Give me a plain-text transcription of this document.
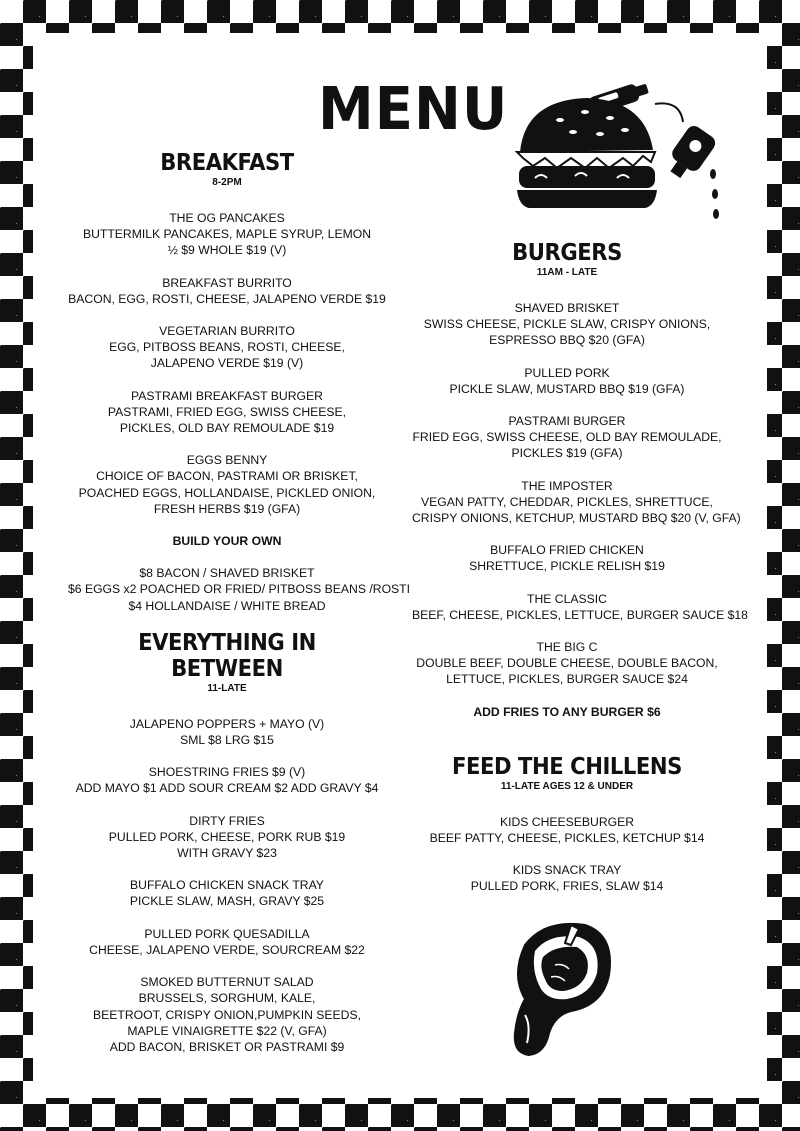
MENU
BREAKFAST
8-2PM
THE OG PANCAKES
BUTTERMILK PANCAKES, MAPLE SYRUP, LEMON
½ $9 WHOLE $19 (V)
BREAKFAST BURRITO
BACON, EGG, ROSTI, CHEESE, JALAPENO VERDE $19
VEGETARIAN BURRITO
EGG, PITBOSS BEANS, ROSTI, CHEESE,
JALAPENO VERDE $19 (V)
PASTRAMI BREAKFAST BURGER
PASTRAMI, FRIED EGG, SWISS CHEESE,
PICKLES, OLD BAY REMOULADE $19
EGGS BENNY
CHOICE OF BACON, PASTRAMI OR BRISKET,
POACHED EGGS, HOLLANDAISE, PICKLED ONION,
FRESH HERBS $19 (GFA)
BUILD YOUR OWN
$8 BACON / SHAVED BRISKET
$6 EGGS x2 POACHED OR FRIED/ PITBOSS BEANS /ROSTI
$4 HOLLANDAISE / WHITE BREAD
EVERYTHING IN BETWEEN
11-LATE
JALAPENO POPPERS + MAYO (V)
SML $8 LRG $15
SHOESTRING FRIES $9 (V)
ADD MAYO $1 ADD SOUR CREAM $2 ADD GRAVY $4
DIRTY FRIES
PULLED PORK, CHEESE, PORK RUB $19
WITH GRAVY $23
BUFFALO CHICKEN SNACK TRAY
PICKLE SLAW, MASH, GRAVY $25
PULLED PORK QUESADILLA
CHEESE, JALAPENO VERDE, SOURCREAM $22
SMOKED BUTTERNUT SALAD
BRUSSELS, SORGHUM, KALE,
BEETROOT, CRISPY ONION,PUMPKIN SEEDS,
MAPLE VINAIGRETTE $22 (V, GFA)
ADD BACON, BRISKET OR PASTRAMI $9
BURGERS
11AM - LATE
SHAVED BRISKET
SWISS CHEESE, PICKLE SLAW, CRISPY ONIONS,
ESPRESSO BBQ $20 (GFA)
PULLED PORK
PICKLE SLAW, MUSTARD BBQ $19 (GFA)
PASTRAMI BURGER
FRIED EGG, SWISS CHEESE, OLD BAY REMOULADE,
PICKLES $19 (GFA)
THE IMPOSTER
VEGAN PATTY, CHEDDAR, PICKLES, SHRETTUCE,
CRISPY ONIONS, KETCHUP, MUSTARD BBQ $20 (V, GFA)
BUFFALO FRIED CHICKEN
SHRETTUCE, PICKLE RELISH $19
THE CLASSIC
BEEF, CHEESE, PICKLES, LETTUCE, BURGER SAUCE $18
THE BIG C
DOUBLE BEEF, DOUBLE CHEESE, DOUBLE BACON,
LETTUCE, PICKLES, BURGER SAUCE $24
ADD FRIES TO ANY BURGER $6
FEED THE CHILLENS
11-LATE AGES 12 & UNDER
KIDS CHEESEBURGER
BEEF PATTY, CHEESE, PICKLES, KETCHUP $14
KIDS SNACK TRAY
PULLED PORK, FRIES, SLAW $14
